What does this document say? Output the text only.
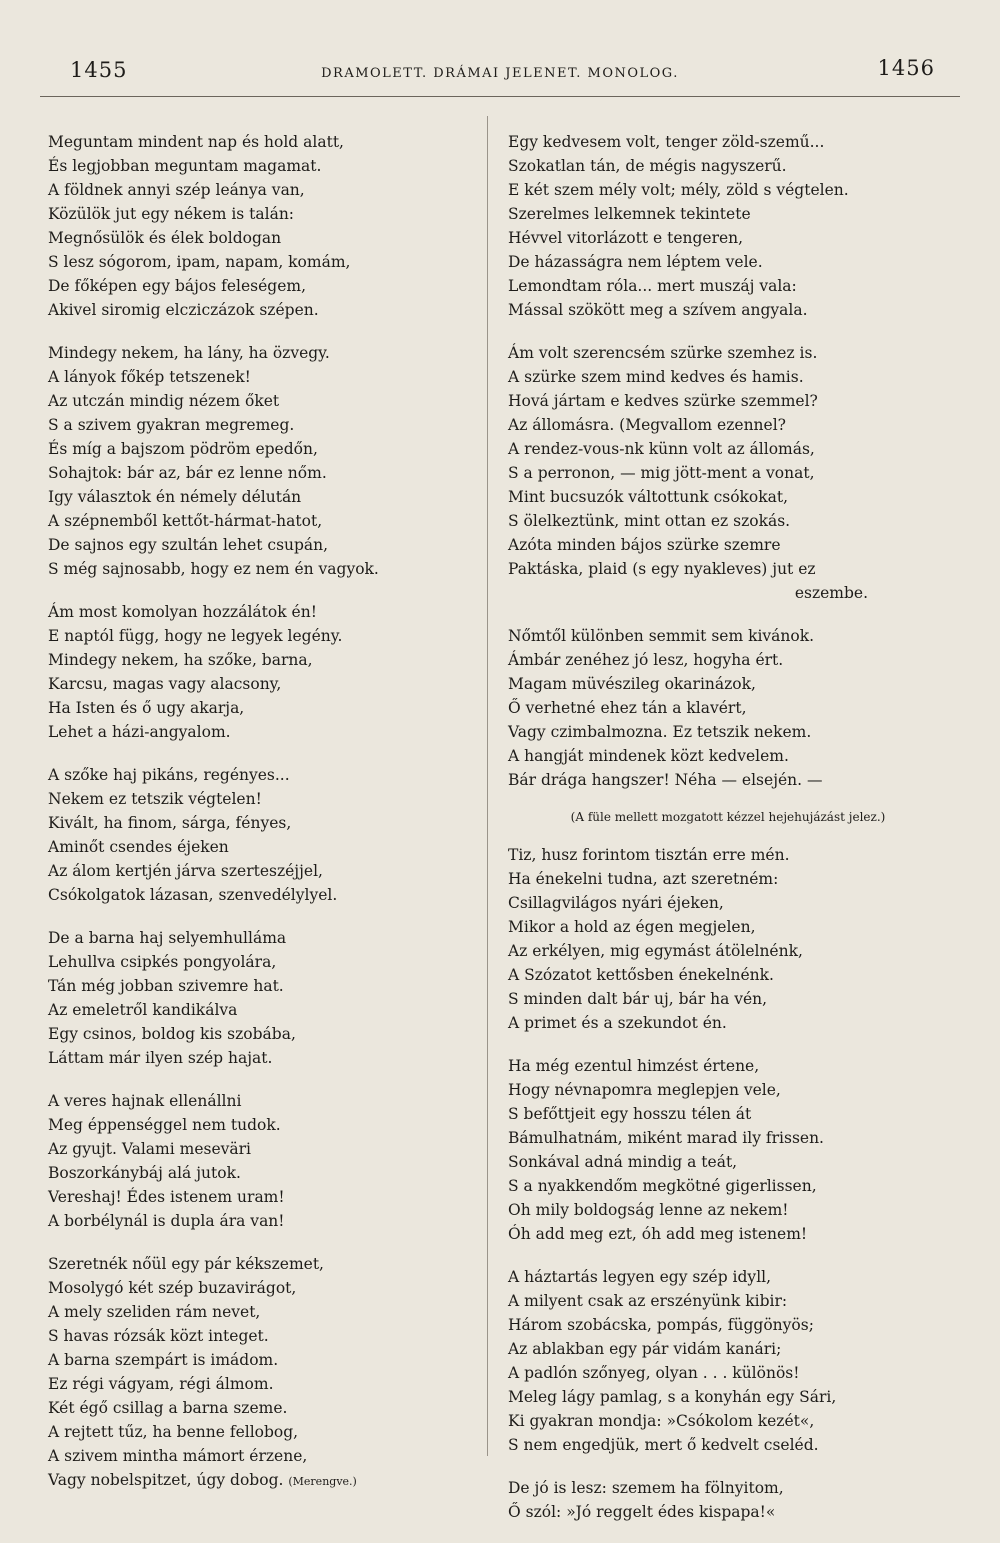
1455	DRAMOLETT. DRÁMAI JELENET. MONOLOG.	1456
Meguntam mindent nap és hold alatt,
És legjobban meguntam magamat.
A földnek annyi szép leánya van,
Közülök jut egy nékem is talán:
Megnősülök és élek boldogan
S lesz sógorom, ipam, napam, komám,
De főképen egy bájos feleségem,
Akivel siromig elcziczázok szépen.
Mindegy nekem, ha lány, ha özvegy.
A lányok főkép tetszenek!
Az utczán mindig nézem őket
S a szivem gyakran megremeg.
És míg a bajszom pödröm epedőn,
Sohajtok: bár az, bár ez lenne nőm.
Igy választok én némely délután
A szépnemből kettőt-hármat-hatot,
De sajnos egy szultán lehet csupán,
S még sajnosabb, hogy ez nem én vagyok.
Ám most komolyan hozzálátok én!
E naptól függ, hogy ne legyek legény.
Mindegy nekem, ha szőke, barna,
Karcsu, magas vagy alacsony,
Ha Isten és ő ugy akarja,
Lehet a házi-angyalom.
A szőke haj pikáns, regényes...
Nekem ez tetszik végtelen!
Kivált, ha finom, sárga, fényes,
Aminőt csendes éjeken
Az álom kertjén járva szerteszéjjel,
Csókolgatok lázasan, szenvedélylyel.
De a barna haj selyemhullámа
Lehullva csipkés pongyolára,
Tán még jobban szivemre hat.
Az emeletről kandikálva
Egy csinos, boldog kis szobába,
Láttam már ilyen szép hajat.
A veres hajnak ellenállni
Meg éppenséggel nem tudok.
Az gyujt. Valami meseväri
Boszorkánybáj alá jutok.
Vereshaj! Édes istenem uram!
A borbélynál is dupla ára van!
Szeretnék nőül egy pár kékszemet,
Mosolygó két szép buzavirágot,
A mely szeliden rám nevet,
S havas rózsák közt integet.
A barna szempárt is imádom.
Ez régi vágyam, régi álmom.
Két égő csillag a barna szeme.
A rejtett tűz, ha benne fellobog,
A szivem mintha mámort érzene,
Vagy nobelspitzet, úgy dobog. (Merengve.)
Egy kedvesem volt, tenger zöld-szemű...
Szokatlan tán, de mégis nagyszerű.
E két szem mély volt; mély, zöld s végtelen.
Szerelmes lelkemnek tekintete
Hévvel vitorlázott e tengeren,
De házasságra nem léptem vele.
Lemondtam róla... mert muszáj vala:
Mással szökött meg a szívem angyala.
Ám volt szerencsém szürke szemhez is.
A szürke szem mind kedves és hamis.
Hová jártam e kedves szürke szemmel?
Az állomásra. (Megvallom ezennel?
A rendez-vous-nk künn volt az állomás,
S a perronon, — mig jött-ment a vonat,
Mint bucsuzók váltottunk csókokat,
S ölelkeztünk, mint ottan ez szokás.
Azóta minden bájos szürke szemre
Paktáska, plaid (s egy nyakleves) jut ez
eszembe.
Nőmtől különben semmit sem kivánok.
Ámbár zenéhez jó lesz, hogyha ért.
Magam müvészileg okarinázok,
Ő verhetné ehez tán a klavért,
Vagy czimbalmozna. Ez tetszik nekem.
A hangját mindenek közt kedvelem.
Bár drága hangszer! Néha — elsején. —
(A füle mellett mozgatott kézzel hejehujázást jelez.)
Tiz, husz forintom tisztán erre mén.
Ha énekelni tudna, azt szeretném:
Csillagvilágos nyári éjeken,
Mikor a hold az égen megjelen,
Az erkélyen, mig egymást átölelnénk,
A Szózatot kettősben énekelnénk.
S minden dalt bár uj, bár ha vén,
A primet és a szekundot én.
Ha még ezentul himzést értene,
Hogy névnapomra meglepjen vele,
S befőttjeit egy hosszu télen át
Bámulhatnám, miként marad ily frissen.
Sonkával adná mindig a teát,
S a nyakkendőm megkötné gigerlissen,
Oh mily boldogság lenne az nekem!
Óh add meg ezt, óh add meg istenem!
A háztartás legyen egy szép idyll,
A milyent csak az erszényünk kibir:
Három szobácska, pompás, függönyös;
Az ablakban egy pár vidám kanári;
A padlón szőnyeg, olyan . . . különös!
Meleg lágy pamlag, s a konyhán egy Sári,
Ki gyakran mondja: »Csókolom kezét«,
S nem engedjük, mert ő kedvelt cseléd.
De jó is lesz: szemem ha fölnyitom,
Ő szól: »Jó reggelt édes kispapa!«
